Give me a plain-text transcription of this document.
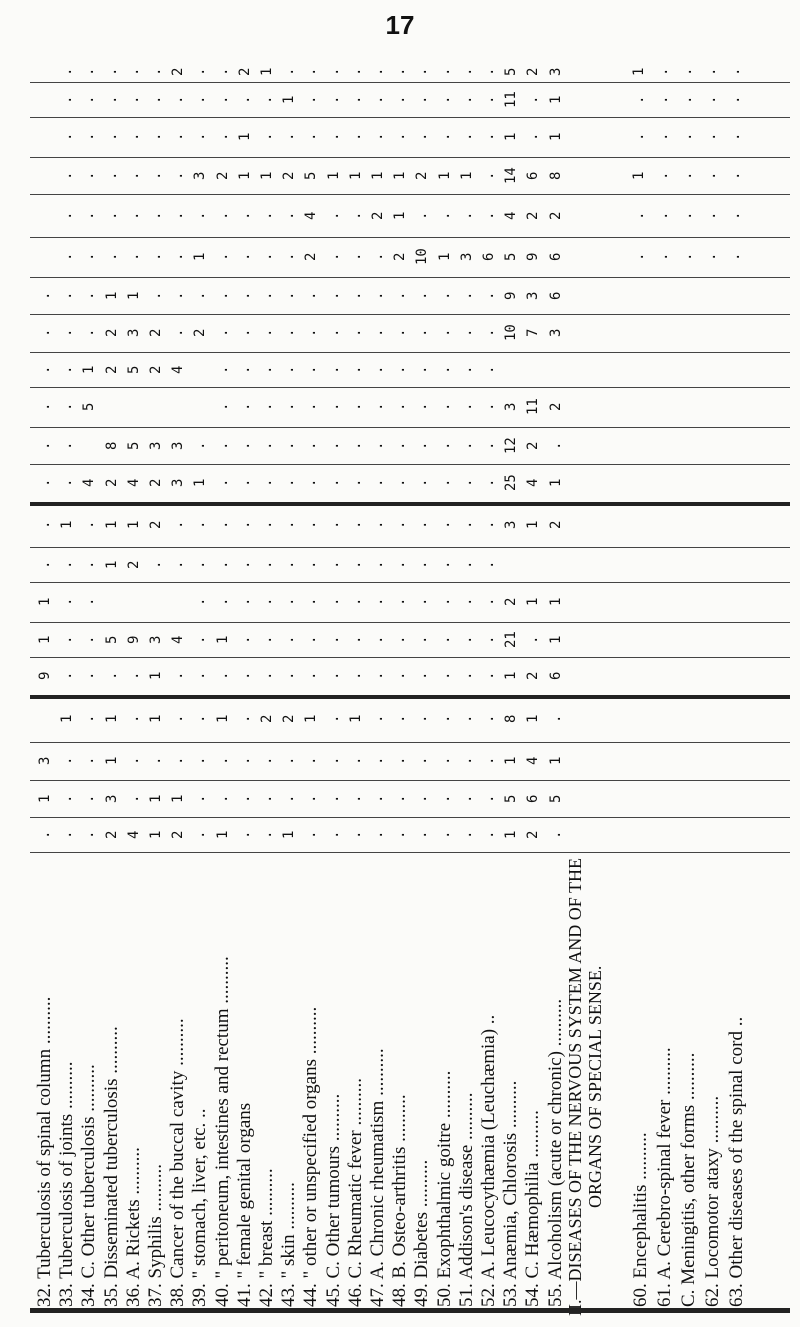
17
32. Tuberculosis of spinal column .......... 33. Tuberculosis of joints .......... 34. C. Other tuberculosis .......... 35. Disseminated tuberculosis .......... 36. A. Rickets .......... 37. Syphilis .......... 38. Cancer of the buccal cavity .......... 39. " stomach, liver, etc. .. 40. " peritoneum, intestines and rectum .......... 41. " female genital organs 42. " breast .......... 43. " skin .......... 44. " other or unspecified organs .......... 45. C. Other tumours .......... 46. C. Rheumatic fever .......... 47. A. Chronic rheumatism .......... 48. B. Osteo-arthritis .......... 49. Diabetes .......... 50. Exophthalmic goitre .......... 51. Addison's disease .......... 52. A. Leucocythæmia (Leuchæmia) .. 53. Anæmia, Chlorosis .......... 54. C. Hæmophilia .......... 55. Alcoholism (acute or chronic) .......... II.—DISEASES OF THE NERVOUS SYSTEM AND OF THE ORGANS OF SPECIAL SENSE.
60. Encephalitis .......... 61. A. Cerebro-spinal fever .......... C. Meningitis, other forms .......... 62. Locomotor ataxy .......... 63. Other diseases of the spinal cord ..
.
.
.
.
.
.
.
.
1
1
9
3
1
.
.
.
.
.
.
.
.
.
.
.
.
.
1
.
.
.
.
1
.
.
.
.
.
.
.
.
.
.
.
1
5
4
.
.
.
.
.
.
.
.
.
.
.
.
.
.
.
1
2
2
8
2
1
1
5
.
1
1
3
2
.
.
.
.
.
.
1
3
5
5
4
1
2
9
.
.
.
.
4
.
.
.
.
.
.
.
2
2
3
2
2
.
3
1
1
.
1
1
2
.
.
.
.
.
.
.
4
3
3
.
.
4
.
.
.
1
2
.
.
.
3
.
1
.
2
.
1
.
.
.
.
.
.
.
.
.
.
.
.
2
.
.
.
.
.
.
.
.
.
.
.
1
.
1
.
.
1
2
.
1
1
.
.
.
.
.
.
.
.
.
.
.
.
.
.
.
.
.
1
.
.
1
.
.
.
.
.
.
.
.
.
.
.
.
.
2
.
.
.
.
1
.
2
.
.
.
.
.
.
.
.
.
.
.
.
.
2
.
.
1
.
.
.
5
4
2
.
.
.
.
.
.
.
.
.
.
.
1
.
.
.
.
.
.
1
.
.
.
.
.
.
.
.
.
.
.
.
.
.
.
.
.
.
.
.
1
.
.
.
.
.
.
.
.
.
.
.
.
.
1
.
.
.
.
.
.
1
2
.
.
.
.
.
.
.
.
.
.
.
.
.
.
.
.
.
.
.
1
1
2
.
.
.
.
.
.
.
.
.
.
.
.
.
.
.
.
.
.
2
.
10
.
.
.
.
.
.
.
.
.
.
.
.
.
.
.
.
.
.
1
.
1
.
.
.
.
.
.
.
.
.
.
.
.
.
.
.
.
.
.
1
.
3
.
.
.
.
.
.
.
.
.
.
.
.
.
.
.
.
.
.
.
.
6
.
.
.
.
.
.
.
.
.
.
.
.
.
.
.
5
11
1
14
4
5
9
10
3
12
25
3
2
21
1
8
1
5
1
2
.
.
6
2
9
3
7
11
2
4
1
1
.
2
1
4
6
2
3
1
1
8
2
6
6
3
2
.
1
2
1
1
6
.
1
5
.
1
.
.
1
.
.
.
.
.
.
.
.
.
.
.
.
.
.
.
.
.
.
.
.
.
.
.
.
.
.
